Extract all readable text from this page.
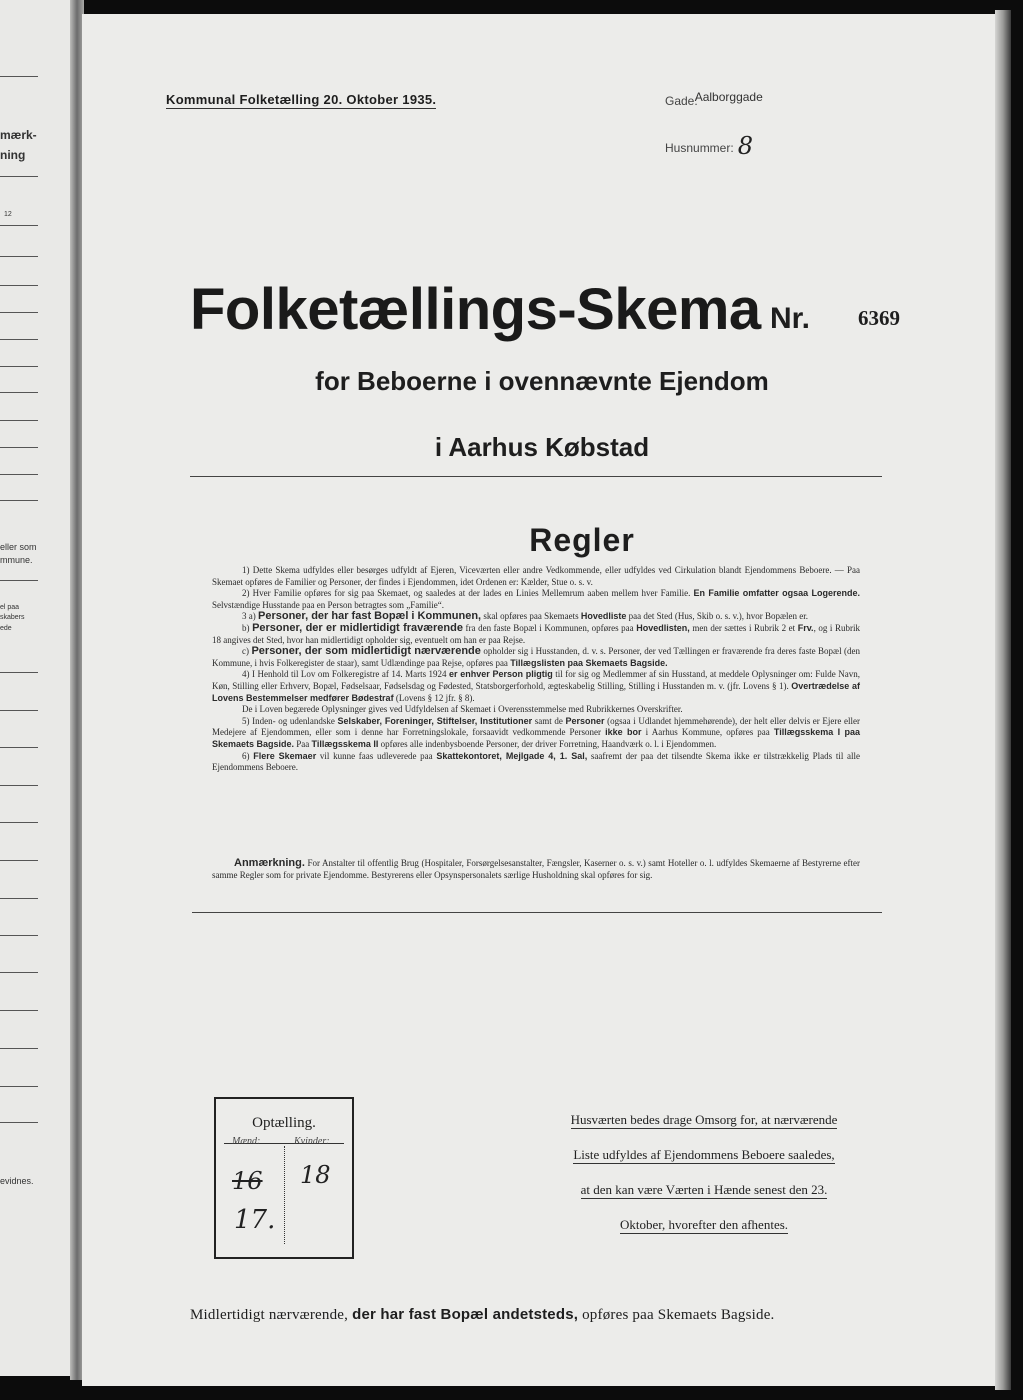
mærk-
ning
12
eller som
mmune.
el paa
skabers
ede
evidnes.
Kommunal Folketælling 20. Oktober 1935.	Gade:$^{Aalborggade}$
Husnummer: 8
Folketællings-Skema Nr. 6369
for Beboerne i ovennævnte Ejendom
i Aarhus Købstad
Regler

1) Dette Skema udfyldes eller besørges udfyldt af Ejeren, Viceværten eller andre Vedkommende, eller udfyldes ved Cirkulation blandt Ejendommens Beboere. — Paa Skemaet opføres de Familier og Personer, der findes i Ejendommen, idet Ordenen er: Kælder, Stue o. s. v.

2) Hver Familie opføres for sig paa Skemaet, og saaledes at der lades en Linies Mellemrum aaben mellem hver Familie. En Familie omfatter ogsaa Logerende. Selvstændige Husstande paa en Person betragtes som „Familie“.

3 a) Personer, der har fast Bopæl i Kommunen, skal opføres paa Skemaets Hovedliste paa det Sted (Hus, Skib o. s. v.), hvor Bopælen er.

b) Personer, der er midlertidigt fraværende fra den faste Bopæl i Kommunen, opføres paa Hovedlisten, men der sættes i Rubrik 2 et Frv., og i Rubrik 18 angives det Sted, hvor han midlertidigt opholder sig, eventuelt om han er paa Rejse.

c) Personer, der som midlertidigt nærværende opholder sig i Husstanden, d. v. s. Personer, der ved Tællingen er fraværende fra deres faste Bopæl (den Kommune, i hvis Folkeregister de staar), samt Udlændinge paa Rejse, opføres paa Tillægslisten paa Skemaets Bagside.

4) I Henhold til Lov om Folkeregistre af 14. Marts 1924 er enhver Person pligtig til for sig og Medlemmer af sin Husstand, at meddele Oplysninger om: Fulde Navn, Køn, Stilling eller Erhverv, Bopæl, Fødselsaar, Fødselsdag og Fødested, Statsborgerforhold, ægteskabelig Stilling, Stilling i Husstanden m. v. (jfr. Lovens § 1). Overtrædelse af Lovens Bestemmelser medfører Bødestraf (Lovens § 12 jfr. § 8).

De i Loven begærede Oplysninger gives ved Udfyldelsen af Skemaet i Overensstemmelse med Rubrikkernes Overskrifter.

5) Inden- og udenlandske Selskaber, Foreninger, Stiftelser, Institutioner samt de Personer (ogsaa i Udlandet hjemmehørende), der helt eller delvis er Ejere eller Medejere af Ejendommen, eller som i denne har Forretningslokale, forsaavidt vedkommende Personer ikke bor i Aarhus Kommune, opføres paa Tillægsskema I paa Skemaets Bagside. Paa Tillægsskema II opføres alle indenbysboende Personer, der driver Forretning, Haandværk o. l. i Ejendommen.

6) Flere Skemaer vil kunne faas udleverede paa Skattekontoret, Mejlgade 4, 1. Sal, saafremt der paa det tilsendte Skema ikke er tilstrækkelig Plads til alle Ejendommens Beboere.

Anmærkning. For Anstalter til offentlig Brug (Hospitaler, Forsørgelsesanstalter, Fængsler, Kaserner o. s. v.) samt Hoteller o. l. udfyldes Skemaerne af Bestyrerne efter samme Regler som for private Ejendomme. Bestyrerens eller Opsynspersonalets særlige Husholdning skal opføres for sig.
Optælling.
Mænd:	Kvinder:
16
17.
18
Husværten bedes drage Omsorg for, at nærværende
Liste udfyldes af Ejendommens Beboere saaledes,
at den kan være Værten i Hænde senest den 23.
Oktober, hvorefter den afhentes.
Midlertidigt nærværende, der har fast Bopæl andetsteds, opføres paa Skemaets Bagside.
